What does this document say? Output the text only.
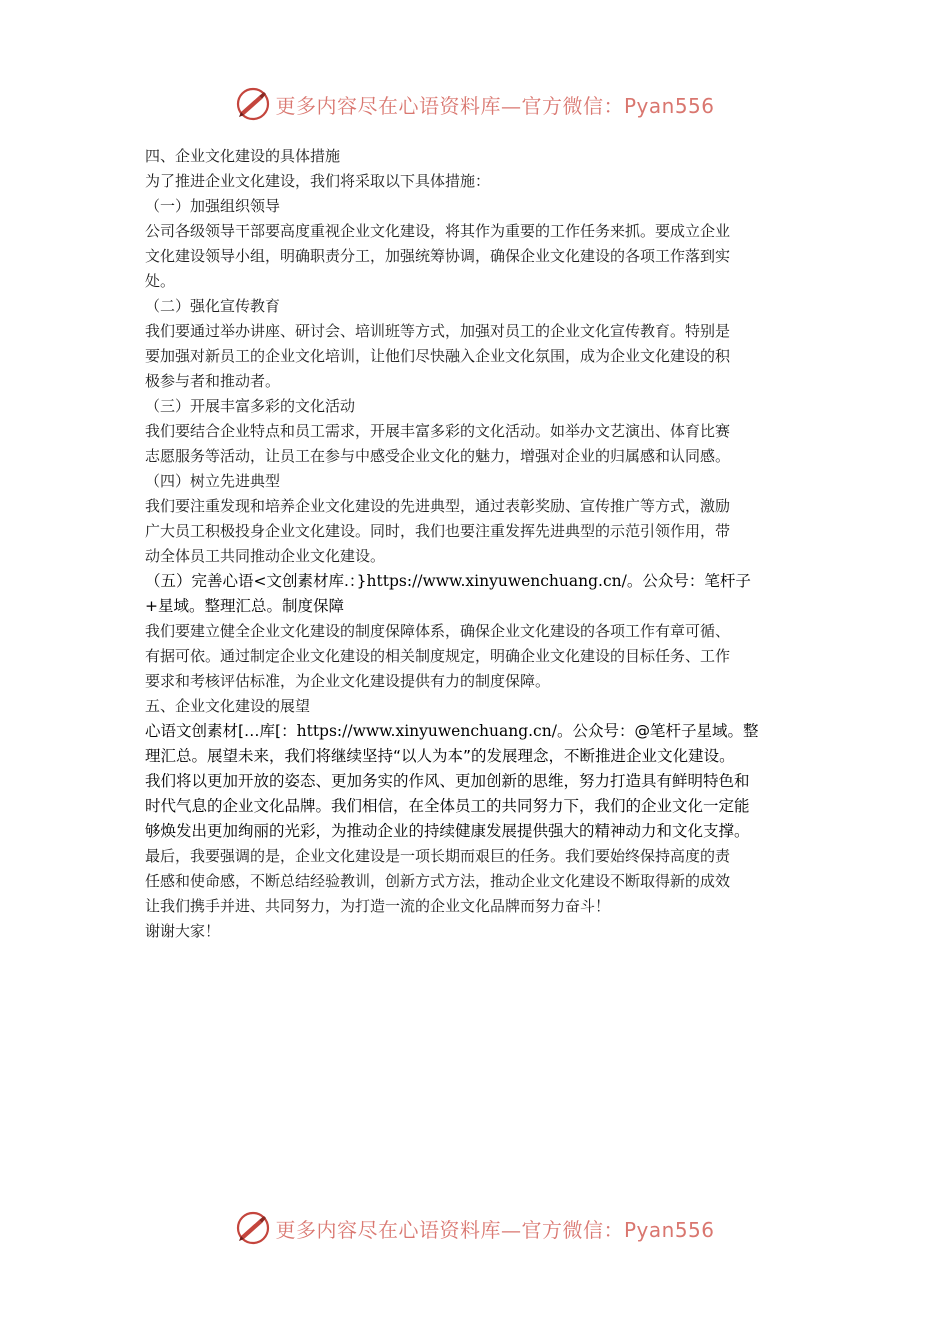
更多内容尽在心语资料库—官方微信：Pyan556
四、企业文化建设的具体措施
为了推进企业文化建设，我们将采取以下具体措施：
（一）加强组织领导
公司各级领导干部要高度重视企业文化建设，将其作为重要的工作任务来抓。要成立企业
文化建设领导小组，明确职责分工，加强统筹协调，确保企业文化建设的各项工作落到实
处。
（二）强化宣传教育
我们要通过举办讲座、研讨会、培训班等方式，加强对员工的企业文化宣传教育。特别是
要加强对新员工的企业文化培训，让他们尽快融入企业文化氛围，成为企业文化建设的积
极参与者和推动者。
（三）开展丰富多彩的文化活动
我们要结合企业特点和员工需求，开展丰富多彩的文化活动。如举办文艺演出、体育比赛
志愿服务等活动，让员工在参与中感受企业文化的魅力，增强对企业的归属感和认同感。
（四）树立先进典型
我们要注重发现和培养企业文化建设的先进典型，通过表彰奖励、宣传推广等方式，激励
广大员工积极投身企业文化建设。同时，我们也要注重发挥先进典型的示范引领作用，带
动全体员工共同推动企业文化建设。
（五）完善心语<文创素材库.：}https://www.xinyuwenchuang.cn/。公众号：笔杆子
+星域。整理汇总。制度保障
我们要建立健全企业文化建设的制度保障体系，确保企业文化建设的各项工作有章可循、
有据可依。通过制定企业文化建设的相关制度规定，明确企业文化建设的目标任务、工作
要求和考核评估标准，为企业文化建设提供有力的制度保障。
五、企业文化建设的展望
心语文创素材[…库[：https://www.xinyuwenchuang.cn/。公众号：@笔杆子星域。整
理汇总。展望未来，我们将继续坚持“以人为本”的发展理念，不断推进企业文化建设。
我们将以更加开放的姿态、更加务实的作风、更加创新的思维，努力打造具有鲜明特色和
时代气息的企业文化品牌。我们相信，在全体员工的共同努力下，我们的企业文化一定能
够焕发出更加绚丽的光彩，为推动企业的持续健康发展提供强大的精神动力和文化支撑。
最后，我要强调的是，企业文化建设是一项长期而艰巨的任务。我们要始终保持高度的责
任感和使命感，不断总结经验教训，创新方式方法，推动企业文化建设不断取得新的成效
让我们携手并进、共同努力，为打造一流的企业文化品牌而努力奋斗！
谢谢大家！
更多内容尽在心语资料库—官方微信：Pyan556
